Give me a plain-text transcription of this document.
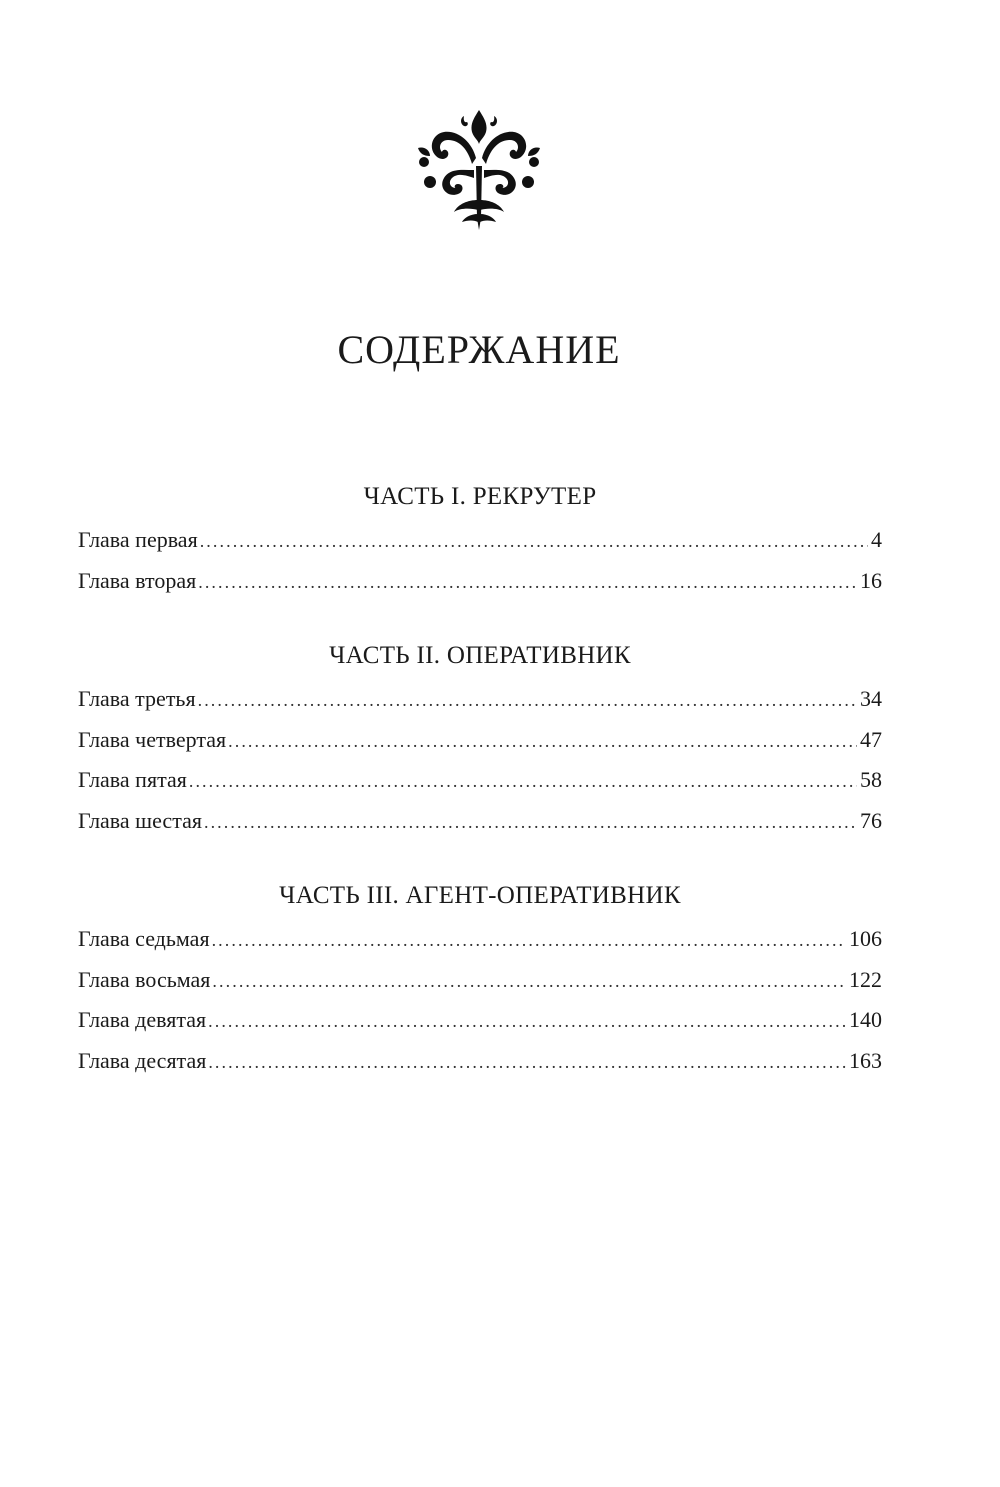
СОДЕРЖАНИЕ
ЧАСТЬ I. РЕКРУТЕР
Глава первая .....	4
Глава вторая .....	16
ЧАСТЬ II. ОПЕРАТИВНИК
Глава третья .....	34
Глава четвертая .....	47
Глава пятая .....	58
Глава шестая .....	76
ЧАСТЬ III. АГЕНТ-ОПЕРАТИВНИК
Глава седьмая .....	106
Глава восьмая .....	122
Глава девятая .....	140
Глава десятая .....	163
